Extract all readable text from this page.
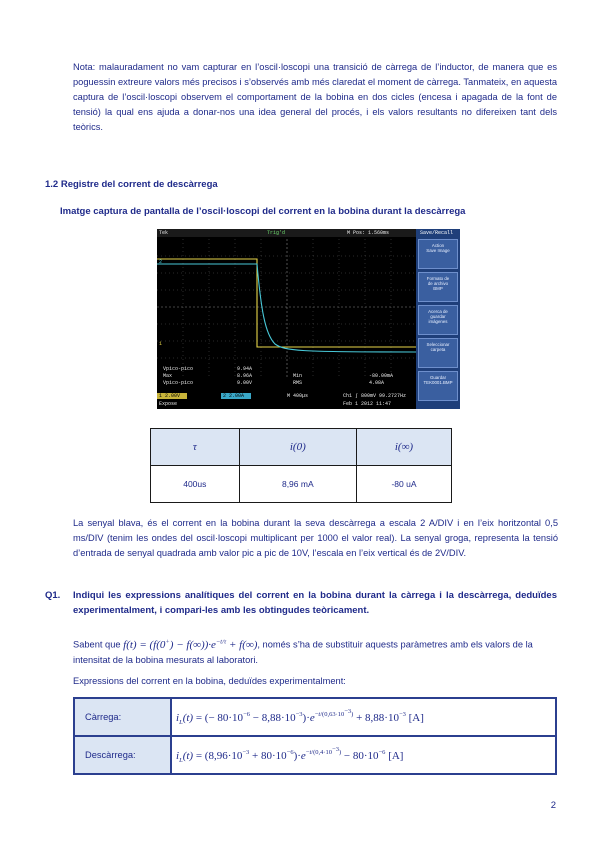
Nota: malauradament no vam capturar en l’oscil·loscopi una transició de càrrega de l’inductor, de manera que es poguessin extreure valors més precisos i s’observés amb més claredat el moment de càrrega. Tanmateix, en aquesta captura de l’oscil·loscopi observem el comportament de la bobina en dos cicles (encesa i apagada de la font de tensió) la qual ens ajuda a donar-nos una idea general del procés, i els valors resultants no difereixen tant dels teòrics.
1.2 Registre del corrent de descàrrega
Imatge captura de pantalla de l’oscil·loscopi del corrent en la bobina durant la descàrrega
Tek	Trig'd	M Pos: 1.560ms
2
1
Vpico-pico
Max
Vpico-pico
9.94A
8.96A
9.00V
Min
RMS
-80.00mA
4.08A
1 2.00V	2 2.00A	M 400µs	Ch1 ∫ 800mV 99.2727Hz
Expose	Feb 1 2012 11:47
Save/Recall
Action
Save Image
Formato de
de archivo
BMP
Acerca de
guardar
imágenes
Seleccionar
carpeta
Guardar
TEK0001.BMP
τ	i(0)	i(∞)
400us	8,96 mA	-80 uA
La senyal blava, és el corrent en la bobina durant la seva descàrrega a escala 2 A/DIV i en l’eix horitzontal 0,5 ms/DIV (tenim les ondes del oscil·loscopi multiplicant per 1000 el valor real). La senyal groga, representa la tensió d’entrada de senyal quadrada amb valor pic a pic de 10V, l’escala en l’eix vertical és de 2V/DIV.
Q1. Indiqui les expressions analítiques del corrent en la bobina durant la càrrega i la descàrrega, deduïdes experimentalment, i compari-les amb les obtingudes teòricament.
Sabent que $f(t) = (f(0^+) - f(\infty))\cdot e^{-t/\tau} + f(\infty)$, només s’ha de substituir aquests paràmetres amb els valors de la intensitat de la bobina mesurats al laboratori.
Expressions del corrent en la bobina, deduïdes experimentalment:
Càrrega:	$i_L(t)$ = (− $80\cdot 10^{-6} - 8,88\cdot 10^{-3})\cdot e^{-t/(0,63\cdot 10^{-3})} + 8,88\cdot 10^{-3}$ [A]
Descàrrega:	$i_L(t) = (8,96\cdot 10^{-3} + 80\cdot 10^{-6})\cdot e^{-t/(0,4\cdot 10^{-3})} - 80\cdot 10^{-6}$ [A]
2
